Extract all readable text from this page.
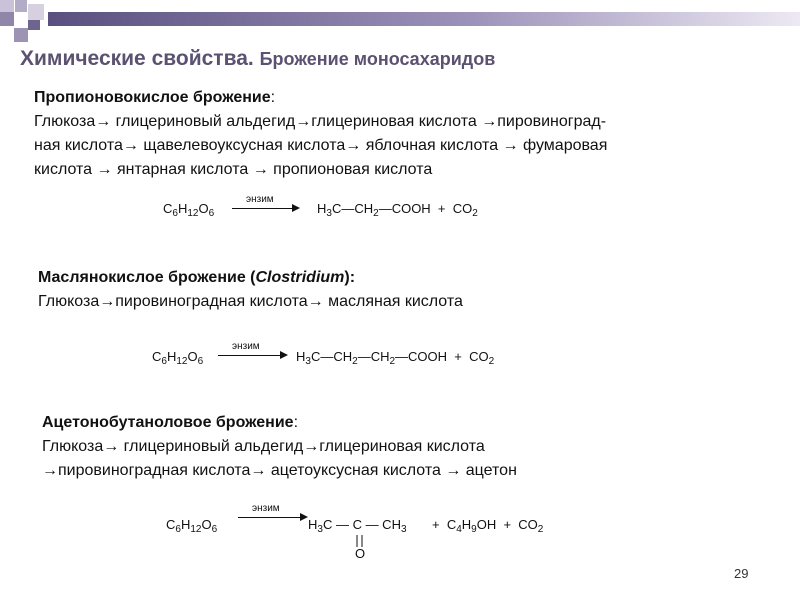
Химические свойства. Брожение моносахаридов
Пропионовокислое брожение:
Глюкоза→ глицериновый альдегид→глицериновая кислота →пировиноград-
ная кислота→ щавелевоуксусная кислота→ яблочная кислота → фумаровая
кислота → янтарная кислота → пропионовая кислота
$C_6H_{12}O_6$
энзим
$H_3C—CH_2—COOH + CO_2$
Маслянокислое брожение (Clostridium):
Глюкоза→пировиноградная кислота→ масляная кислота
$C_6H_{12}O_6$
энзим
$H_3C—CH_2—CH_2—COOH + CO_2$
Ацетонобутаноловое брожение:
Глюкоза→ глицериновый альдегид→глицериновая кислота
→пировиноградная кислота→ ацетоуксусная кислота → ацетон
$C_6H_{12}O_6$
энзим
$H_3C$ — C — $CH_3$
O
+  $C_4H_9OH + CO_2$
29
